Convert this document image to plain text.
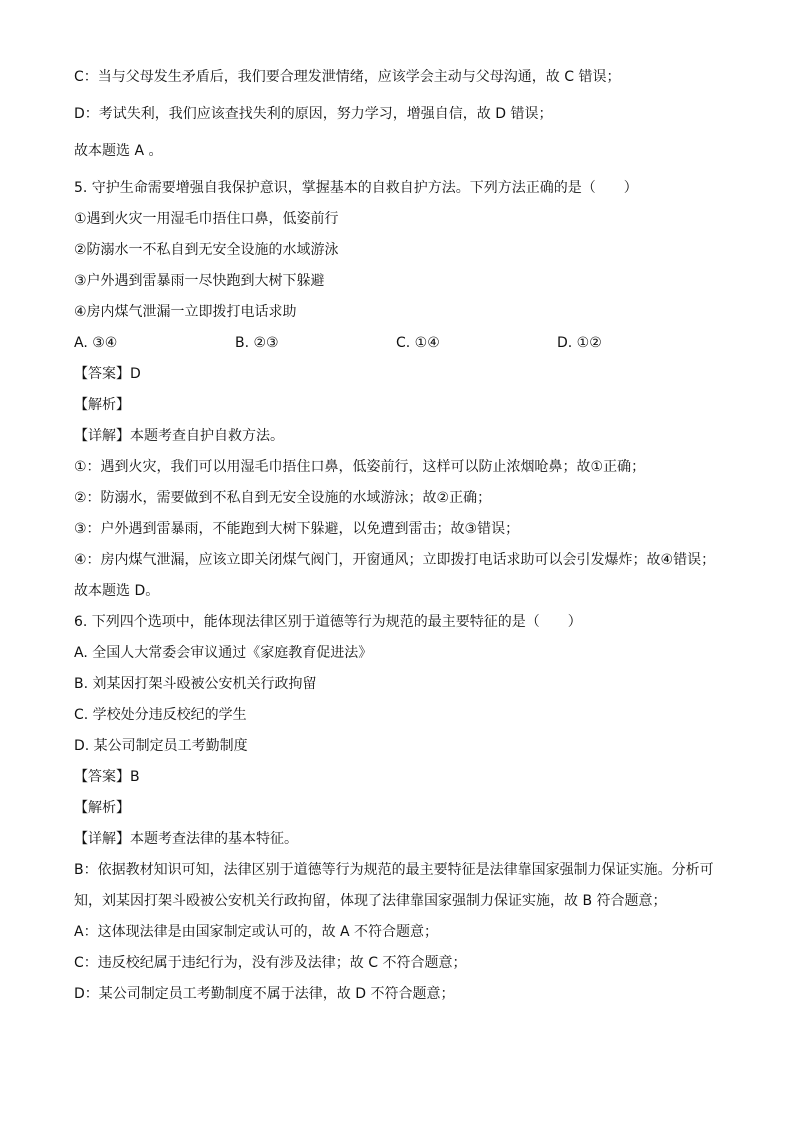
C：当与父母发生矛盾后，我们要合理发泄情绪，应该学会主动与父母沟通，故 C 错误；
D：考试失利，我们应该查找失利的原因，努力学习，增强自信，故 D 错误；
故本题选 A 。
5. 守护生命需要增强自我保护意识，掌握基本的自救自护方法。下列方法正确的是（　　）
①遇到火灾一用湿毛巾捂住口鼻，低姿前行
②防溺水一不私自到无安全设施的水域游泳
③户外遇到雷暴雨一尽快跑到大树下躲避
④房内煤气泄漏一立即拨打电话求助
A. ③④	B. ②③	C. ①④	D. ①②
【答案】D
【解析】
【详解】本题考查自护自救方法。
①：遇到火灾，我们可以用湿毛巾捂住口鼻，低姿前行，这样可以防止浓烟呛鼻；故①正确；
②：防溺水，需要做到不私自到无安全设施的水域游泳；故②正确；
③：户外遇到雷暴雨，不能跑到大树下躲避，以免遭到雷击；故③错误；
④：房内煤气泄漏，应该立即关闭煤气阀门，开窗通风；立即拨打电话求助可以会引发爆炸；故④错误；
故本题选 D。
6. 下列四个选项中，能体现法律区别于道德等行为规范的最主要特征的是（　　）
A. 全国人大常委会审议通过《家庭教育促进法》
B. 刘某因打架斗殴被公安机关行政拘留
C. 学校处分违反校纪的学生
D. 某公司制定员工考勤制度
【答案】B
【解析】
【详解】本题考查法律的基本特征。
B：依据教材知识可知，法律区别于道德等行为规范的最主要特征是法律靠国家强制力保证实施。分析可
知，刘某因打架斗殴被公安机关行政拘留，体现了法律靠国家强制力保证实施，故 B 符合题意；
A：这体现法律是由国家制定或认可的，故 A 不符合题意；
C：违反校纪属于违纪行为，没有涉及法律；故 C 不符合题意；
D：某公司制定员工考勤制度不属于法律，故 D 不符合题意；
